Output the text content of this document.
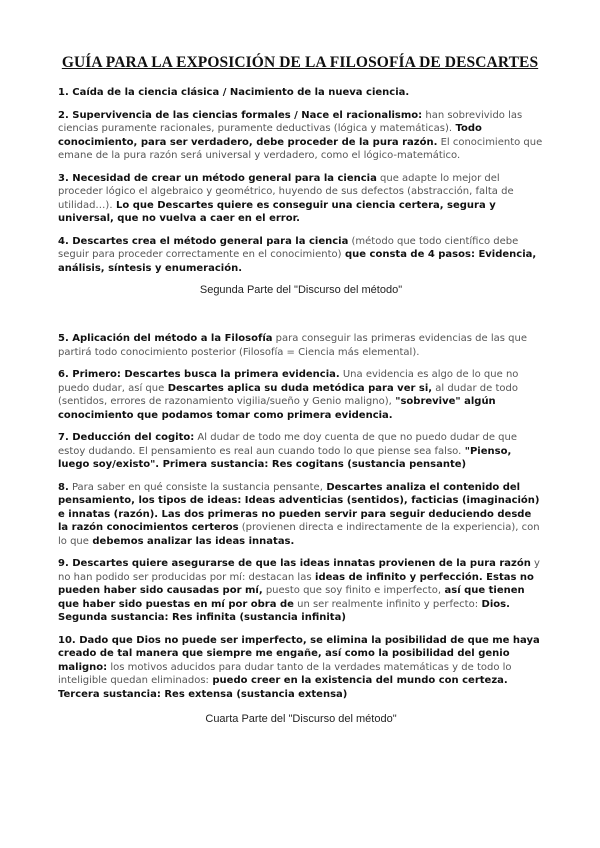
GUÍA PARA LA EXPOSICIÓN DE LA FILOSOFÍA DE DESCARTES

1. Caída de la ciencia clásica / Nacimiento de la nueva ciencia.

2. Supervivencia de las ciencias formales / Nace el racionalismo: han sobrevivido las ciencias puramente racionales, puramente deductivas (lógica y matemáticas). Todo conocimiento, para ser verdadero, debe proceder de la pura razón. El conocimiento que emane de la pura razón será universal y verdadero, como el lógico-matemático.

3. Necesidad de crear un método general para la ciencia que adapte lo mejor del proceder lógico el algebraico y geométrico, huyendo de sus defectos (abstracción, falta de utilidad…). Lo que Descartes quiere es conseguir una ciencia certera, segura y universal, que no vuelva a caer en el error.

4. Descartes crea el método general para la ciencia (método que todo científico debe seguir para proceder correctamente en el conocimiento) que consta de 4 pasos: Evidencia, análisis, síntesis y enumeración.

Segunda Parte del "Discurso del método"

5. Aplicación del método a la Filosofía para conseguir las primeras evidencias de las que partirá todo conocimiento posterior (Filosofía = Ciencia más elemental).

6. Primero: Descartes busca la primera evidencia. Una evidencia es algo de lo que no puedo dudar, así que Descartes aplica su duda metódica para ver si, al dudar de todo (sentidos, errores de razonamiento vigilia/sueño y Genio maligno), "sobrevive" algún conocimiento que podamos tomar como primera evidencia.

7. Deducción del cogito: Al dudar de todo me doy cuenta de que no puedo dudar de que estoy dudando. El pensamiento es real aun cuando todo lo que piense sea falso. "Pienso, luego soy/existo". Primera sustancia: Res cogitans (sustancia pensante)

8. Para saber en qué consiste la sustancia pensante, Descartes analiza el contenido del pensamiento, los tipos de ideas: Ideas adventicias (sentidos), facticias (imaginación) e innatas (razón). Las dos primeras no pueden servir para seguir deduciendo desde la razón conocimientos certeros (provienen directa e indirectamente de la experiencia), con lo que debemos analizar las ideas innatas.

9. Descartes quiere asegurarse de que las ideas innatas provienen de la pura razón y no han podido ser producidas por mí: destacan las ideas de infinito y perfección. Estas no pueden haber sido causadas por mí, puesto que soy finito e imperfecto, así que tienen que haber sido puestas en mí por obra de un ser realmente infinito y perfecto: Dios. Segunda sustancia: Res infinita (sustancia infinita)

10. Dado que Dios no puede ser imperfecto, se elimina la posibilidad de que me haya creado de tal manera que siempre me engañe, así como la posibilidad del genio maligno: los motivos aducidos para dudar tanto de la verdades matemáticas y de todo lo inteligible quedan eliminados: puedo creer en la existencia del mundo con certeza. Tercera sustancia: Res extensa (sustancia extensa)

Cuarta Parte del "Discurso del método"
